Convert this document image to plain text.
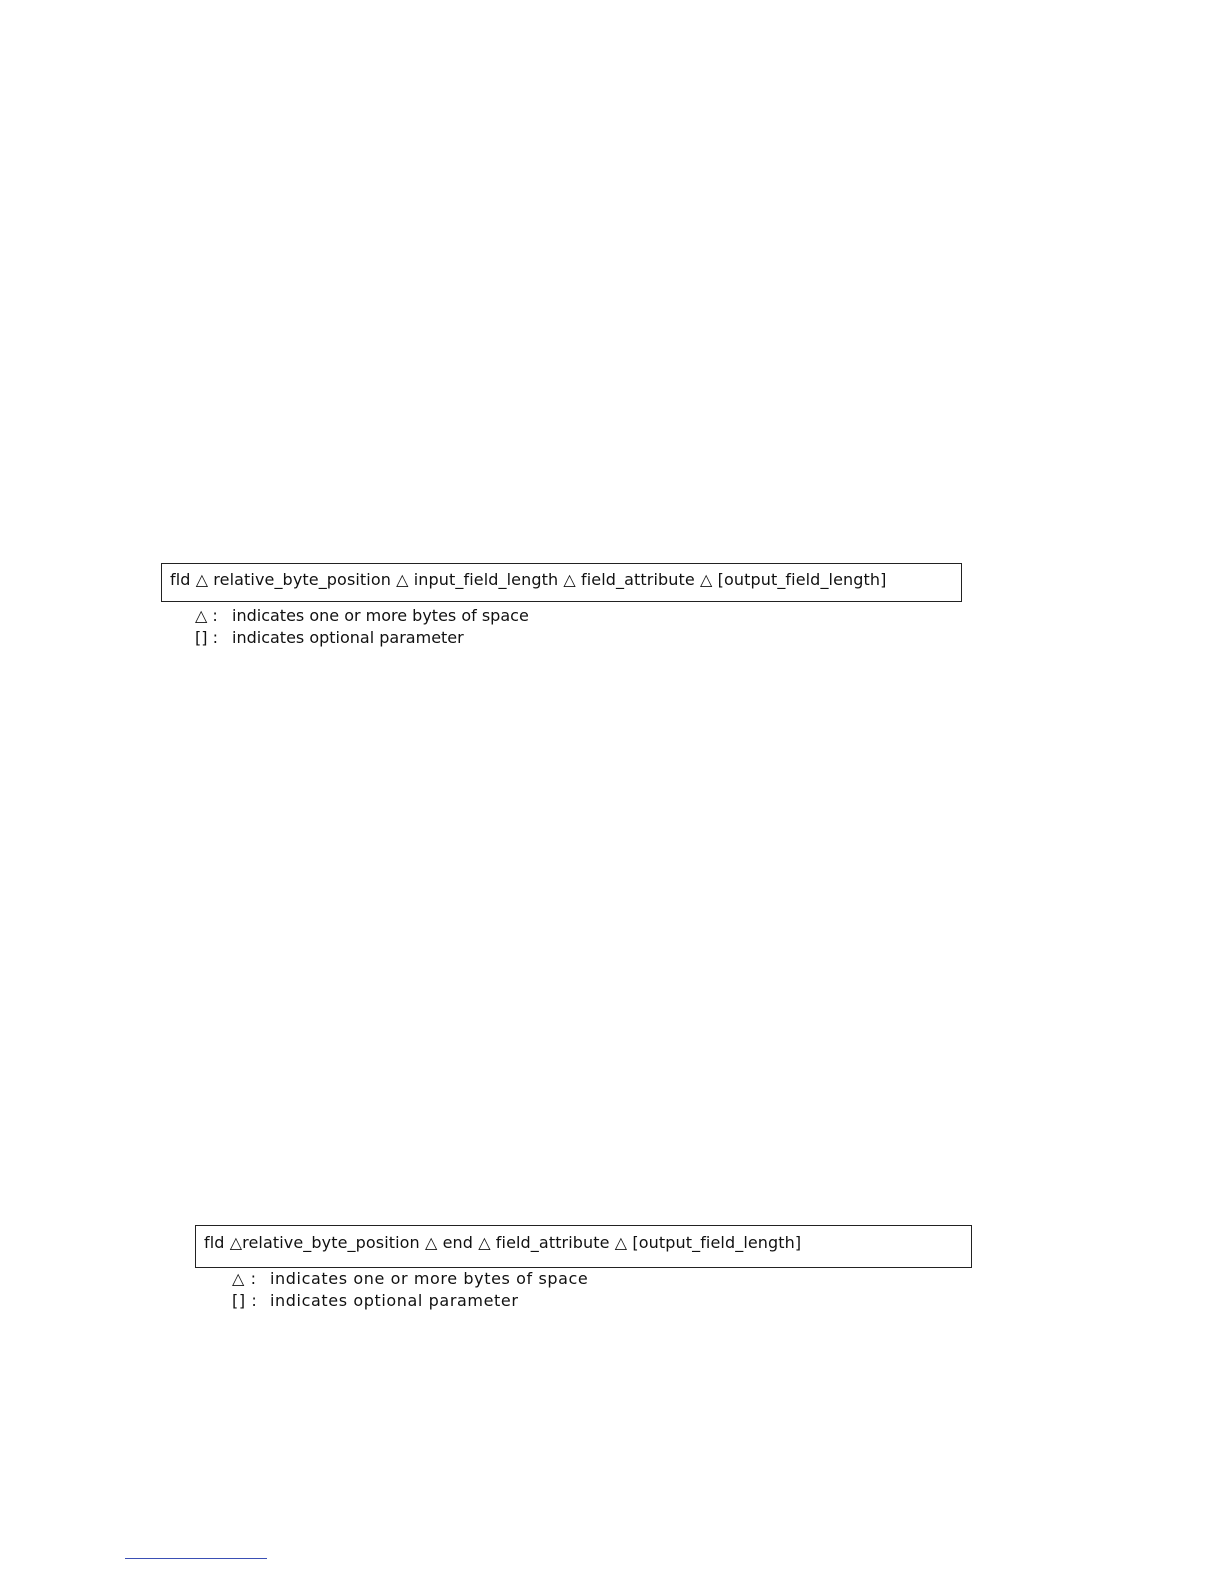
fld △ relative_byte_position △ input_field_length △ field_attribute △ [output_field_length]
△ : indicates one or more bytes of space
[] : indicates optional parameter
fld △relative_byte_position △ end △ field_attribute △ [output_field_length]
△ : indicates one or more bytes of space
[] : indicates optional parameter
